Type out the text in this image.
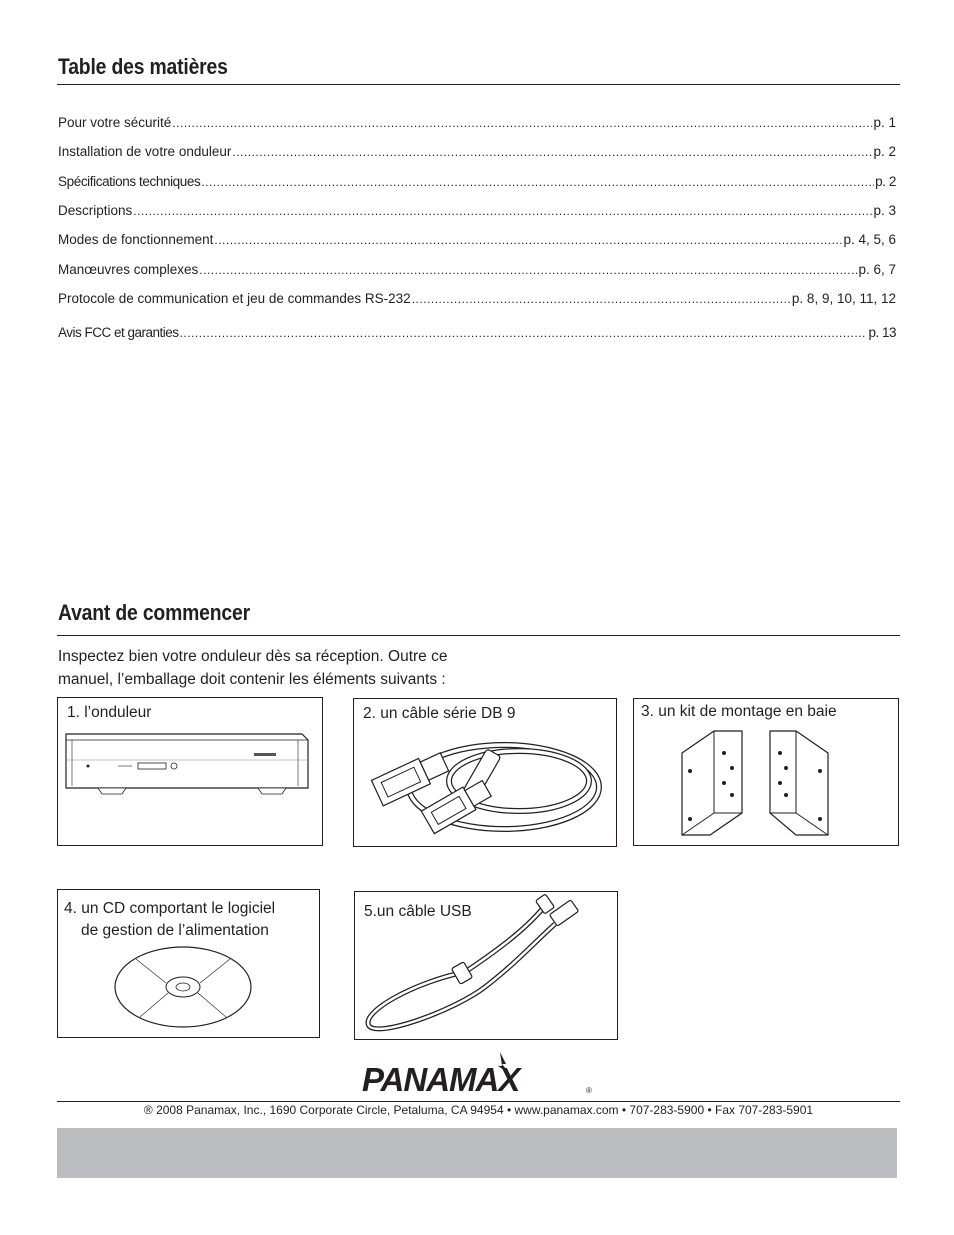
Table des matières
Pour votre sécurité .....	p. 1
Installation de votre onduleur .....	p. 2
Spécifications techniques .....	p. 2
Descriptions .....	p. 3
Modes de fonctionnement .....	p. 4, 5, 6
Manœuvres complexes .....	p. 6, 7
Protocole de communication et jeu de commandes RS-232 .....	p. 8, 9, 10, 11, 12
Avis FCC et garanties .....	p. 13
Avant de commencer
Inspectez bien votre onduleur dès sa réception. Outre ce
manuel, l’emballage doit contenir les éléments suivants :
1. l’onduleur	2. un câble série DB 9	3. un kit de montage en baie
4. un CD comportant le logiciel
de gestion de l’alimentation
5.un câble USB
PANAMAX	®
® 2008 Panamax, Inc., 1690 Corporate Circle, Petaluma, CA 94954 • www.panamax.com • 707-283-5900 • Fax 707-283-5901
